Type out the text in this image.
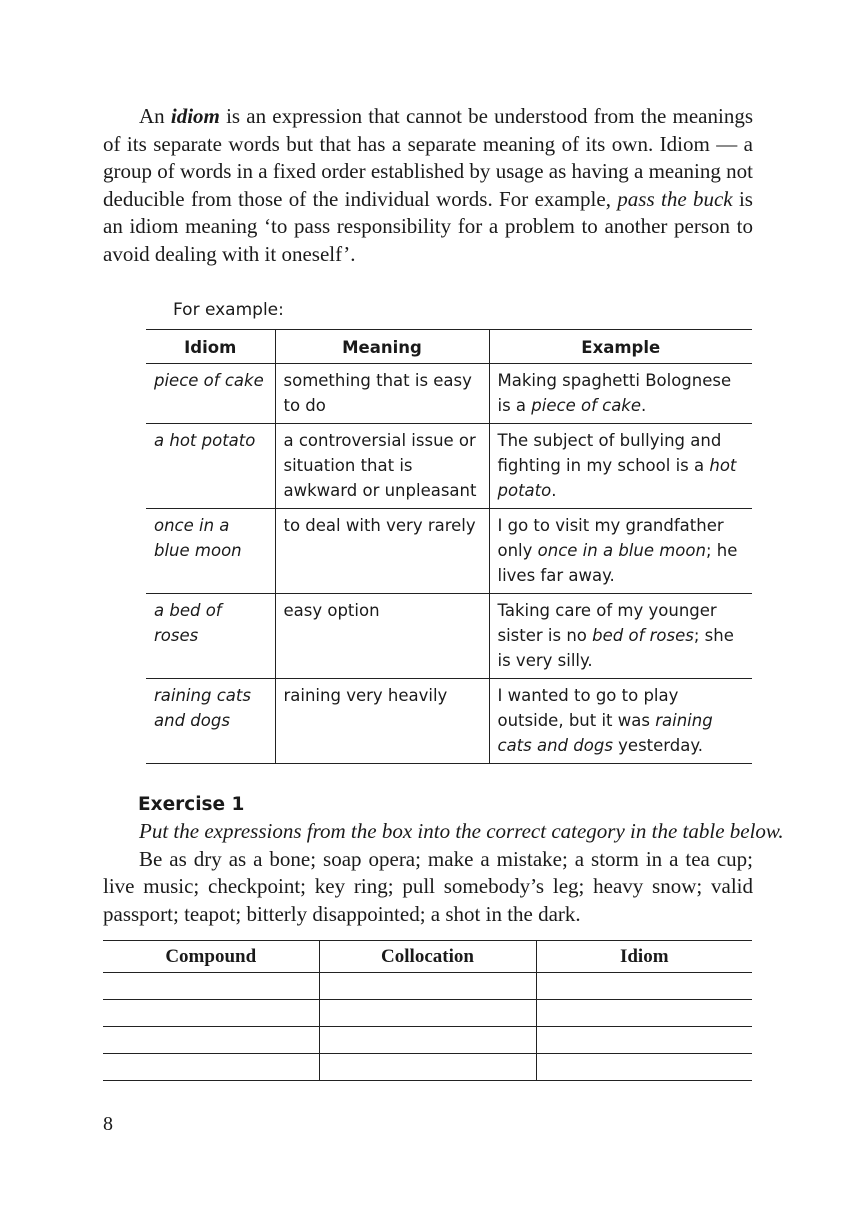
An idiom is an expression that cannot be understood from the meanings of its separate words but that has a separate meaning of its own. Idiom — a group of words in a fixed order established by usage as having a meaning not deducible from those of the individual words. For example, pass the buck is an idiom meaning ‘to pass responsibility for a problem to another person to avoid dealing with it oneself’.

For example:
Idiom	Meaning	Example
piece of cake	something that is easy to do	Making spaghetti Bolognese is a piece of cake.
a hot potato	a controversial issue or situation that is awkward or unpleasant	The subject of bullying and fighting in my school is a hot potato.
once in a blue moon	to deal with very rarely	I go to visit my grandfather only once in a blue moon; he lives far away.
a bed of roses	easy option	Taking care of my younger sister is no bed of roses; she is very silly.
raining cats and dogs	raining very heavily	I wanted to go to play outside, but it was raining cats and dogs yesterday.
Exercise 1

Put the expressions from the box into the correct category in the table below.

Be as dry as a bone; soap opera; make a mistake; a storm in a tea cup; live music; checkpoint; key ring; pull somebody’s leg; heavy snow; valid passport; teapot; bitterly disappointed; a shot in the dark.

Compound	Collocation	Idiom

8
